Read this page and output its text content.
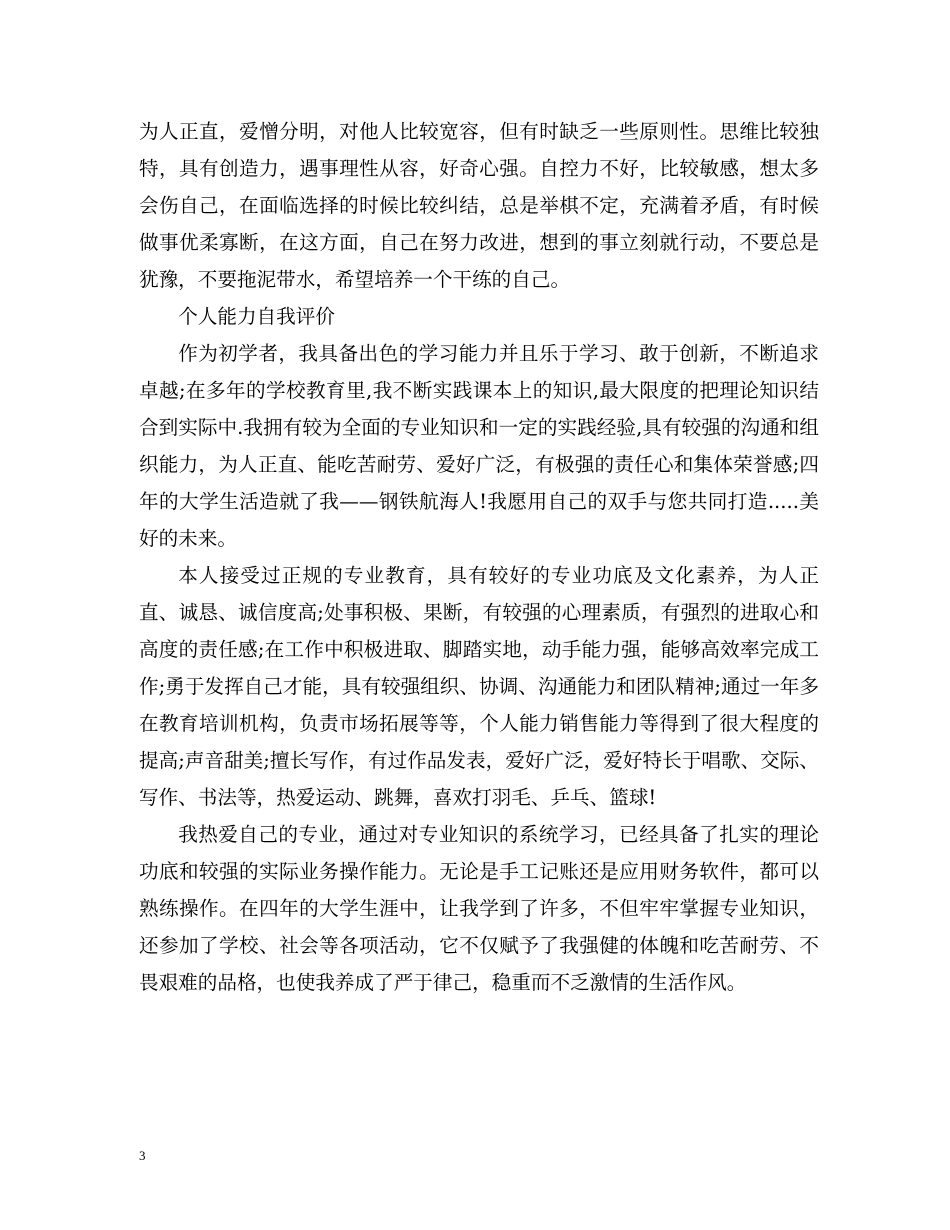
为人正直，爱憎分明，对他人比较宽容，但有时缺乏一些原则性。思维比较独特，具有创造力，遇事理性从容，好奇心强。自控力不好，比较敏感，想太多会伤自己，在面临选择的时候比较纠结，总是举棋不定，充满着矛盾，有时候做事优柔寡断，在这方面，自己在努力改进，想到的事立刻就行动，不要总是犹豫，不要拖泥带水，希望培养一个干练的自己。

个人能力自我评价

作为初学者，我具备出色的学习能力并且乐于学习、敢于创新，不断追求卓越;在多年的学校教育里,我不断实践课本上的知识,最大限度的把理论知识结合到实际中.我拥有较为全面的专业知识和一定的实践经验,具有较强的沟通和组织能力，为人正直、能吃苦耐劳、爱好广泛，有极强的责任心和集体荣誉感;四年的大学生活造就了我——钢铁航海人!我愿用自己的双手与您共同打造.....美好的未来。

本人接受过正规的专业教育，具有较好的专业功底及文化素养，为人正直、诚恳、诚信度高;处事积极、果断，有较强的心理素质，有强烈的进取心和高度的责任感;在工作中积极进取、脚踏实地，动手能力强，能够高效率完成工作;勇于发挥自己才能，具有较强组织、协调、沟通能力和团队精神;通过一年多在教育培训机构，负责市场拓展等等，个人能力销售能力等得到了很大程度的提高;声音甜美;擅长写作，有过作品发表，爱好广泛，爱好特长于唱歌、交际、写作、书法等，热爱运动、跳舞，喜欢打羽毛、乒乓、篮球!

我热爱自己的专业，通过对专业知识的系统学习，已经具备了扎实的理论功底和较强的实际业务操作能力。无论是手工记账还是应用财务软件，都可以熟练操作。在四年的大学生涯中，让我学到了许多，不但牢牢掌握专业知识，还参加了学校、社会等各项活动，它不仅赋予了我强健的体魄和吃苦耐劳、不畏艰难的品格，也使我养成了严于律己，稳重而不乏激情的生活作风。

3
